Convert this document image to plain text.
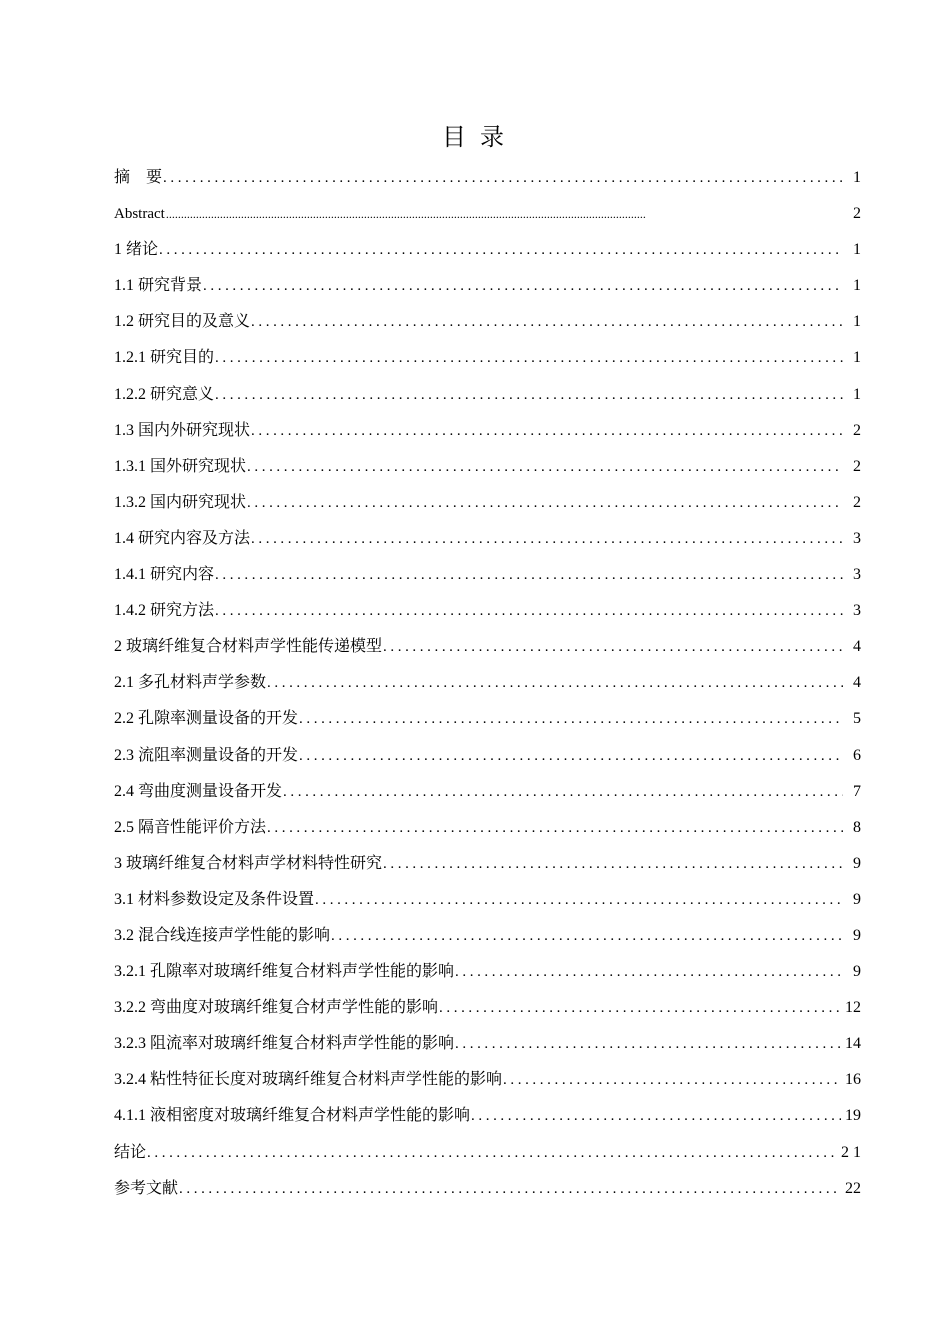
目 录
摘　要 .....	1
Abstract .....	2
1 绪论 .....	1
1.1 研究背景 .....	1
1.2 研究目的及意义 .....	1
1.2.1 研究目的 .....	1
1.2.2 研究意义 .....	1
1.3 国内外研究现状 .....	2
1.3.1 国外研究现状 .....	2
1.3.2 国内研究现状 .....	2
1.4 研究内容及方法 .....	3
1.4.1 研究内容 .....	3
1.4.2 研究方法 .....	3
2 玻璃纤维复合材料声学性能传递模型 .....	4
2.1 多孔材料声学参数 .....	4
2.2 孔隙率测量设备的开发 .....	5
2.3 流阻率测量设备的开发 .....	6
2.4 弯曲度测量设备开发 .....	7
2.5 隔音性能评价方法 .....	8
3 玻璃纤维复合材料声学材料特性研究 .....	9
3.1 材料参数设定及条件设置 .....	9
3.2 混合线连接声学性能的影响 .....	9
3.2.1 孔隙率对玻璃纤维复合材料声学性能的影响 .....	9
3.2.2 弯曲度对玻璃纤维复合材声学性能的影响 .....	12
3.2.3 阻流率对玻璃纤维复合材料声学性能的影响 .....	14
3.2.4 粘性特征长度对玻璃纤维复合材料声学性能的影响 .....	16
4.1.1 液相密度对玻璃纤维复合材料声学性能的影响 .....	19
结论 .....	2 1
参考文献 .....	22
